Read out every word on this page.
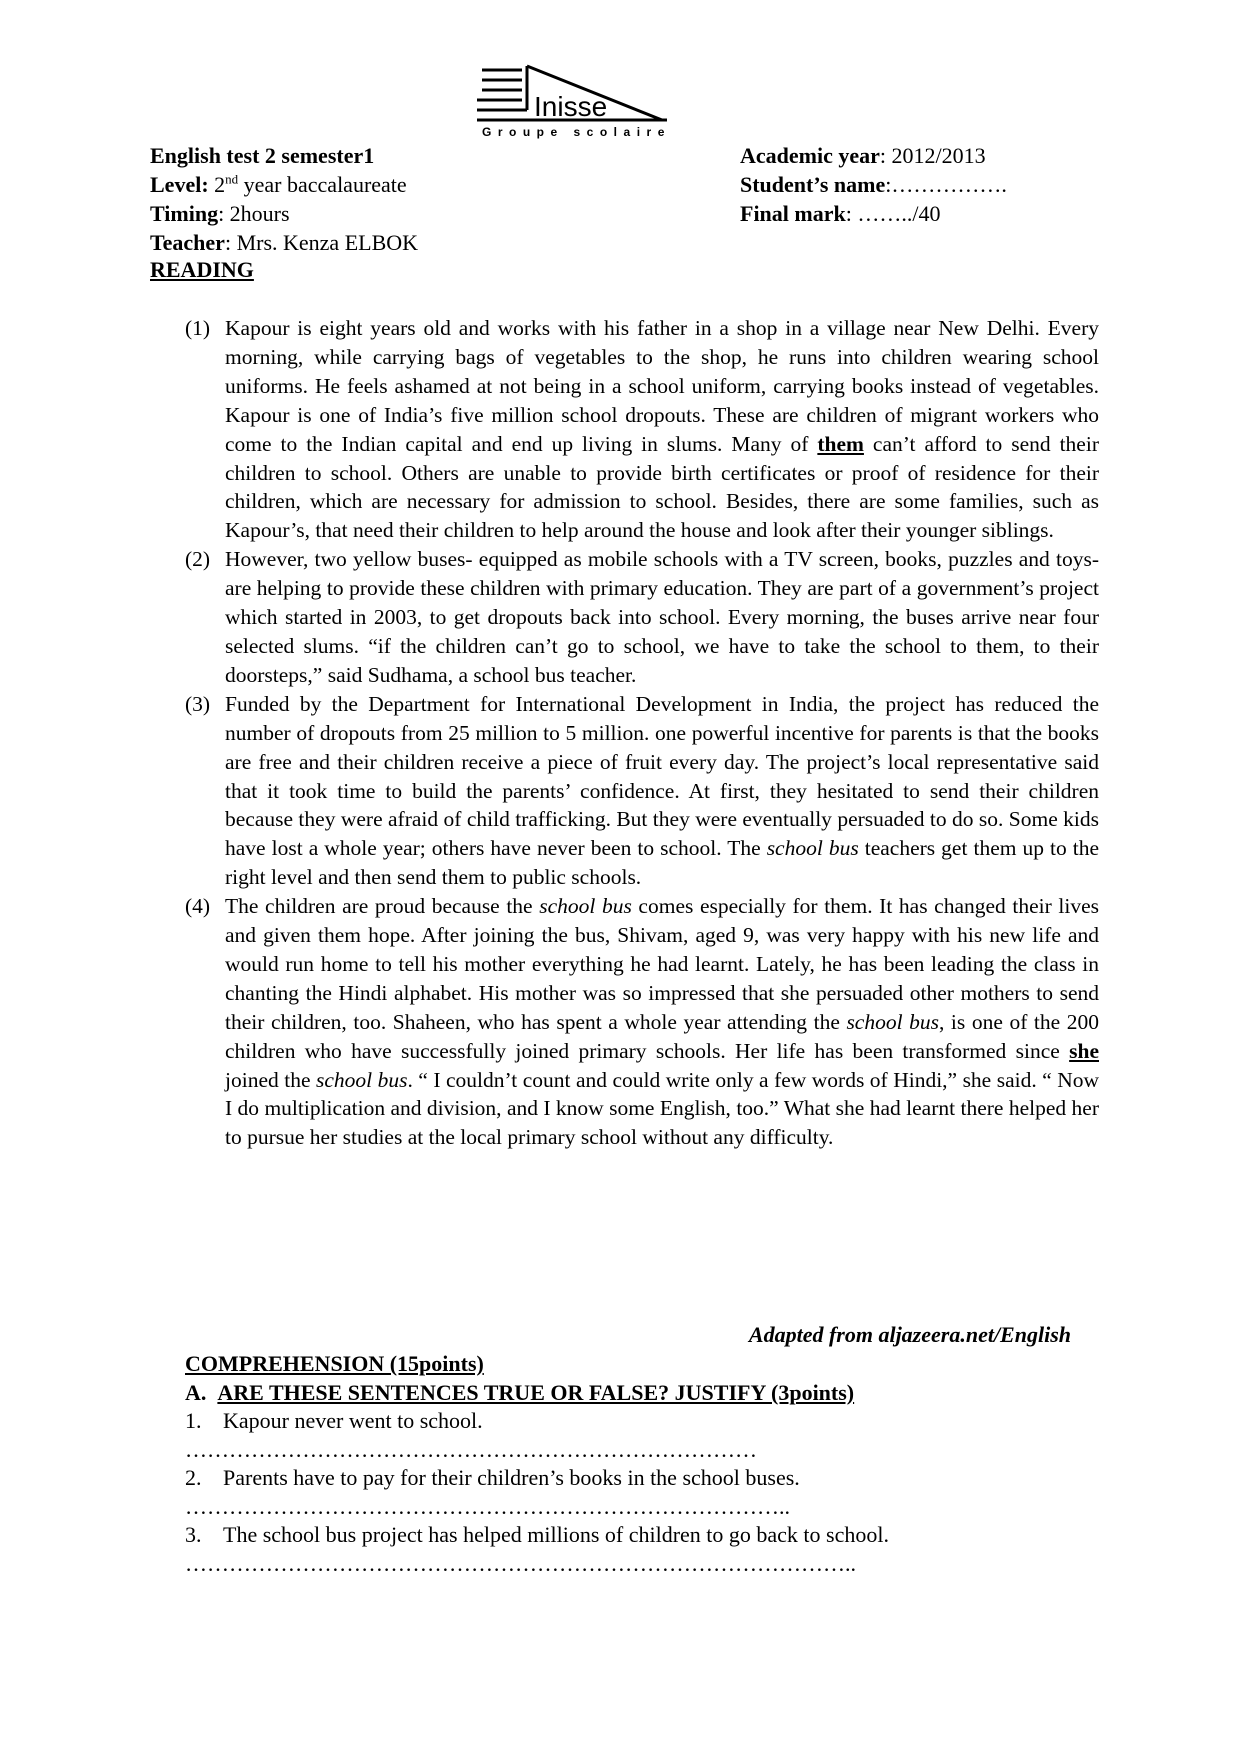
Inisse
Groupe scolaire
English test 2 semester1
Level: 2nd year baccalaureate
Timing: 2hours
Teacher: Mrs. Kenza ELBOK
Academic year: 2012/2013
Student’s name:…………….
Final mark: ……../40
READING

(1) Kapour is eight years old and works with his father in a shop in a village near New Delhi. Every morning, while carrying bags of vegetables to the shop, he runs into children wearing school uniforms. He feels ashamed at not being in a school uniform, carrying books instead of vegetables. Kapour is one of India’s five million school dropouts. These are children of migrant workers who come to the Indian capital and end up living in slums. Many of them can’t afford to send their children to school. Others are unable to provide birth certificates or proof of residence for their children, which are necessary for admission to school. Besides, there are some families, such as Kapour’s, that need their children to help around the house and look after their younger siblings.

(2) However, two yellow buses- equipped as mobile schools with a TV screen, books, puzzles and toys- are helping to provide these children with primary education. They are part of a government’s project which started in 2003, to get dropouts back into school. Every morning, the buses arrive near four selected slums. “if the children can’t go to school, we have to take the school to them, to their doorsteps,” said Sudhama, a school bus teacher.

(3) Funded by the Department for International Development in India, the project has reduced the number of dropouts from 25 million to 5 million. one powerful incentive for parents is that the books are free and their children receive a piece of fruit every day. The project’s local representative said that it took time to build the parents’ confidence. At first, they hesitated to send their children because they were afraid of child trafficking. But they were eventually persuaded to do so. Some kids have lost a whole year; others have never been to school. The school bus teachers get them up to the right level and then send them to public schools.

(4) The children are proud because the school bus comes especially for them. It has changed their lives and given them hope. After joining the bus, Shivam, aged 9, was very happy with his new life and would run home to tell his mother everything he had learnt. Lately, he has been leading the class in chanting the Hindi alphabet. His mother was so impressed that she persuaded other mothers to send their children, too. Shaheen, who has spent a whole year attending the school bus, is one of the 200 children who have successfully joined primary schools. Her life has been transformed since she joined the school bus. “ I couldn’t count and could write only a few words of Hindi,” she said. “ Now I do multiplication and division, and I know some English, too.” What she had learnt there helped her to pursue her studies at the local primary school without any difficulty.

Adapted from aljazeera.net/English
COMPREHENSION (15points)
A. ARE THESE SENTENCES TRUE OR FALSE? JUSTIFY (3points)

1. Kapour never went to school.

……………………………………………………………………

2. Parents have to pay for their children’s books in the school buses.

………………………………………………………………………..

3. The school bus project has helped millions of children to go back to school.

………………………………………………………………………………..
